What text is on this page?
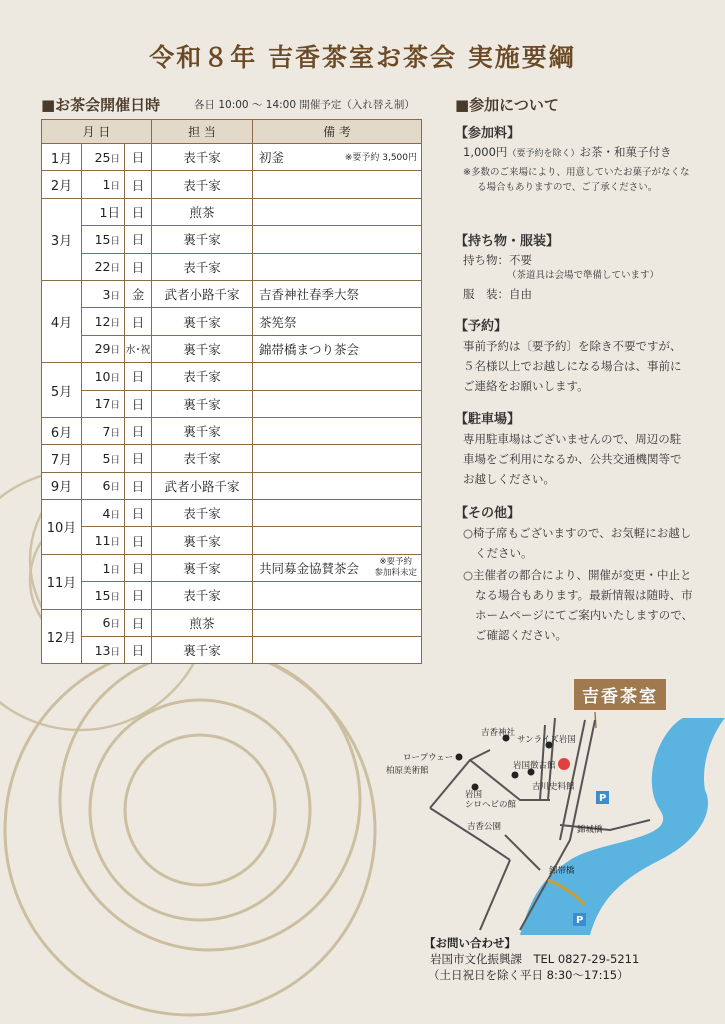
令和８年 吉香茶室お茶会 実施要綱
■お茶会開催日時	各日 10:00 ～ 14:00 開催予定（入れ替え制）
月 日			担 当	備 考
1月	25日	日	表千家	初釜 ※要予約 3,500円

2月	1日	日	表千家	
3月	1日	日	煎茶	
	15日	日	裏千家	
	22日	日	表千家	
4月	3日	金	武者小路千家	吉香神社春季大祭
	12日	日	裏千家	茶筅祭
	29日	水･祝	裏千家	錦帯橋まつり茶会
5月	10日	日	表千家	
	17日	日	裏千家	
6月	7日	日	裏千家	
7月	5日	日	表千家	
9月	6日	日	武者小路千家	
10月	4日	日	表千家	
	11日	日	裏千家	
11月	1日	日	裏千家	共同募金協賛茶会 ※要予約
参加料未定

	15日	日	表千家	
12月	6日	日	煎茶	
	13日	日	裏千家	
■参加について
【参加料】

1,000円（要予約を除く）お茶・和菓子付き

※多数のご来場により、用意していたお菓子がなくなる場合もありますので、ご了承ください。

【持ち物・服装】

持ち物：不要

（茶道具は会場で準備しています）

服　装：自由

【予約】

事前予約は〔要予約〕を除き不要ですが、５名様以上でお越しになる場合は、事前にご連絡をお願いします。

【駐車場】

専用駐車場はございませんので、周辺の駐車場をご利用になるか、公共交通機関等でお越しください。

【その他】

○椅子席もございますので、お気軽にお越しください。

○主催者の都合により、開催が変更・中止となる場合もあります。最新情報は随時、市ホームページにてご案内いたしますので、ご確認ください。

吉香茶室
吉香神社
サンライズ岩国
ロープウェー
柏原美術館	岩国徴古館
吉川史料館
岩国
シロヘビの館
吉香公園	錦城橋
錦帯橋
P
P
【お問い合わせ】
岩国市文化振興課　TEL 0827-29-5211
（土日祝日を除く平日 8:30～17:15）
